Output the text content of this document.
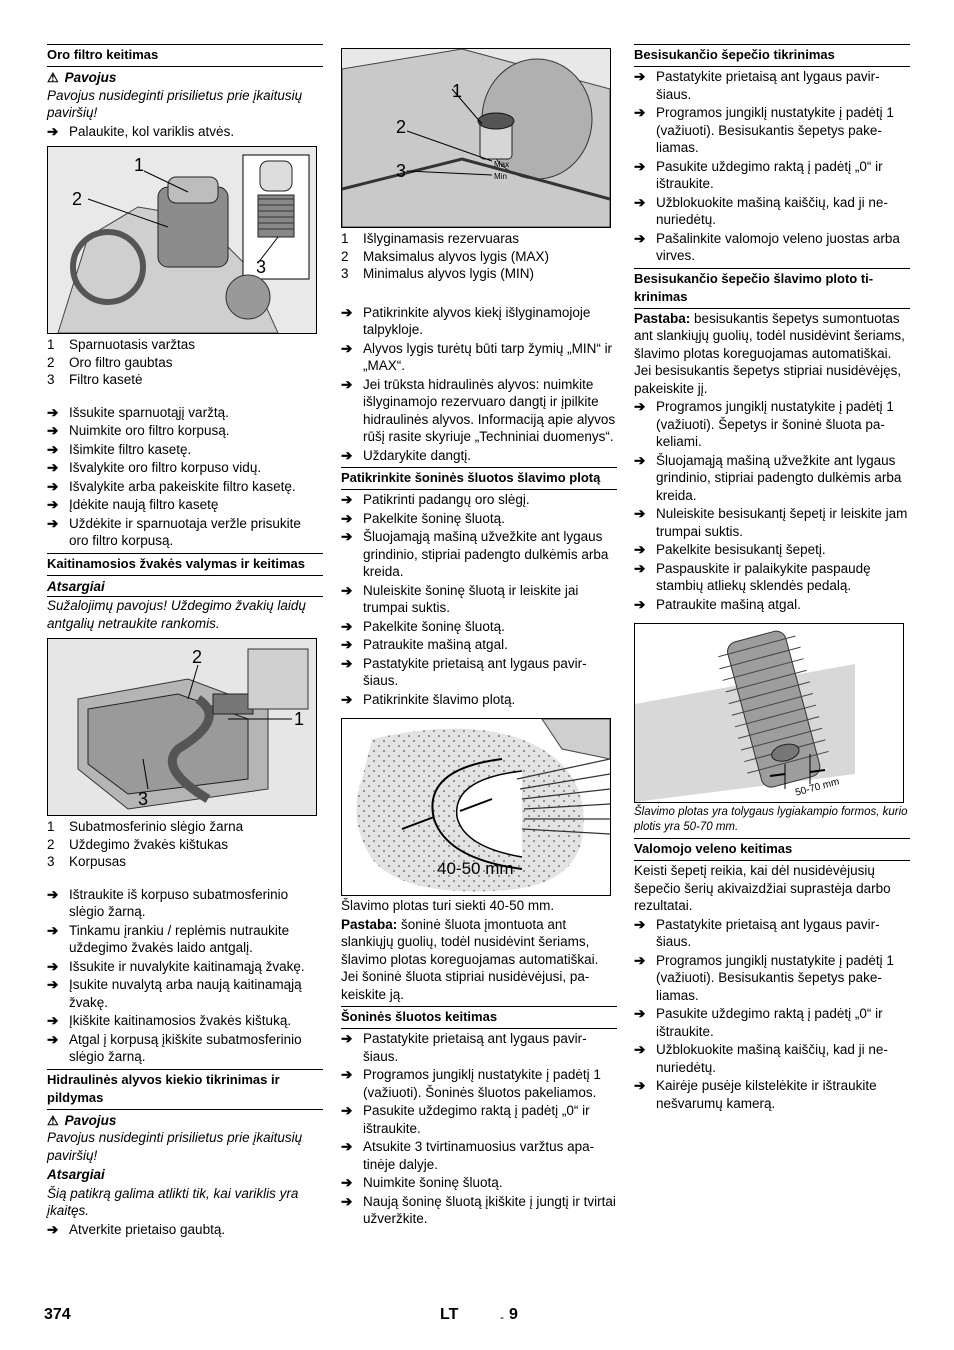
Oro filtro keitimas
⚠ Pavojus
Pavojus nusideginti prisilietus prie įkaitusių paviršių!
➔ Palaukite, kol variklis atvės.
1
2
3
1 Sparnuotasis varžtas
2 Oro filtro gaubtas
3 Filtro kasetė
➔ Išsukite sparnuotąjį varžtą.
➔ Nuimkite oro filtro korpusą.
➔ Išimkite filtro kasetę.
➔ Išvalykite oro filtro korpuso vidų.
➔ Išvalykite arba pakeiskite filtro kasetę.
➔ Įdėkite naują filtro kasetę
➔ Uždėkite ir sparnuotaja veržle prisukite oro filtro korpusą.
Kaitinamosios žvakės valymas ir keitimas
Atsargiai
Sužalojimų pavojus! Uždegimo žvakių laidų antgalių netraukite rankomis.
2
1
3
1 Subatmosferinio slėgio žarna
2 Uždegimo žvakės kištukas
3 Korpusas
➔ Ištraukite iš korpuso subatmosferinio slėgio žarną.
➔ Tinkamu įrankiu / replėmis nutraukite uždegimo žvakės laido antgalį.
➔ Išsukite ir nuvalykite kaitinamąją žvakę.
➔ Įsukite nuvalytą arba naują kaitinamąją žvakę.
➔ Įkiškite kaitinamosios žvakės kištuką.
➔ Atgal į korpusą įkiškite subatmosferinio slėgio žarną.
Hidraulinės alyvos kiekio tikrinimas ir pildymas
⚠ Pavojus
Pavojus nusideginti prisilietus prie įkaitusių paviršių!
Atsargiai
Šią patikrą galima atlikti tik, kai variklis yra įkaitęs.
➔ Atverkite prietaiso gaubtą.
1
2
3	Max
Min
1 Išlyginamasis rezervuaras
2 Maksimalus alyvos lygis (MAX)
3 Minimalus alyvos lygis (MIN)
➔ Patikrinkite alyvos kiekį išlyginamojoje talpykloje.
➔ Alyvos lygis turėtų būti tarp žymių „MIN“ ir „MAX“.
➔ Jei trūksta hidraulinės alyvos: nuimkite išlyginamojo rezervuaro dangtį ir įpilkite hidraulinės alyvos. Informaciją apie alyvos rūšį rasite skyriuje „Techniniai duomenys“.
➔ Uždarykite dangtį.
Patikrinkite šoninės šluotos šlavimo plotą
➔ Patikrinti padangų oro slėgį.
➔ Pakelkite šoninę šluotą.
➔ Šluojamąją mašiną užvežkite ant lygaus grindinio, stipriai padengto dulkėmis arba kreida.
➔ Nuleiskite šoninę šluotą ir leiskite jai trumpai suktis.
➔ Pakelkite šoninę šluotą.
➔ Patraukite mašiną atgal.
➔ Pastatykite prietaisą ant lygaus paviršiaus.
➔ Patikrinkite šlavimo plotą.
40-50 mm
Šlavimo plotas turi siekti 40-50 mm.
Pastaba: šoninė šluota įmontuota ant slankiųjų guolių, todėl nusidėvint šeriams, šlavimo plotas koreguojamas automatiškai. Jei šoninė šluota stipriai nusidėvėjusi, pakeiskite ją.
Šoninės šluotos keitimas
➔ Pastatykite prietaisą ant lygaus paviršiaus.
➔ Programos jungiklį nustatykite į padėtį 1 (važiuoti). Šoninės šluotos pakeliamos.
➔ Pasukite uždegimo raktą į padėtį „0“ ir ištraukite.
➔ Atsukite 3 tvirtinamuosius varžtus apatinėje dalyje.
➔ Nuimkite šoninę šluotą.
➔ Naują šoninę šluotą įkiškite į jungtį ir tvirtai užveržkite.
Besisukančio šepečio tikrinimas
➔ Pastatykite prietaisą ant lygaus paviršiaus.
➔ Programos jungiklį nustatykite į padėtį 1 (važiuoti). Besisukantis šepetys pakeliamas.
➔ Pasukite uždegimo raktą į padėtį „0“ ir ištraukite.
➔ Užblokuokite mašiną kaiščių, kad ji nenuriedėtų.
➔ Pašalinkite valomojo veleno juostas arba virves.
Besisukančio šepečio šlavimo ploto tikrinimas
Pastaba: besisukantis šepetys sumontuotas ant slankiųjų guolių, todėl nusidėvint šeriams, šlavimo plotas koreguojamas automatiškai. Jei besisukantis šepetys stipriai nusidėvėjęs, pakeiskite jį.
➔ Programos jungiklį nustatykite į padėtį 1 (važiuoti). Šepetys ir šoninė šluota pakeliami.
➔ Šluojamąją mašiną užvežkite ant lygaus grindinio, stipriai padengto dulkėmis arba kreida.
➔ Nuleiskite besisukantį šepetį ir leiskite jam trumpai suktis.
➔ Pakelkite besisukantį šepetį.
➔ Paspauskite ir palaikykite paspaudę stambių atliekų sklendės pedalą.
➔ Patraukite mašiną atgal.
50-70 mm
Šlavimo plotas yra tolygaus lygiakampio formos, kurio plotis yra 50-70 mm.
Valomojo veleno keitimas
Keisti šepetį reikia, kai dėl nusidėvėjusių šepečio šerių akivaizdžiai suprastėja darbo rezultatai.
➔ Pastatykite prietaisą ant lygaus paviršiaus.
➔ Programos jungiklį nustatykite į padėtį 1 (važiuoti). Besisukantis šepetys pakeliamas.
➔ Pasukite uždegimo raktą į padėtį „0“ ir ištraukite.
➔ Užblokuokite mašiną kaiščių, kad ji nenuriedėtų.
➔ Kairėje pusėje kilstelėkite ir ištraukite nešvarumų kamerą.
374	LT	- 9
